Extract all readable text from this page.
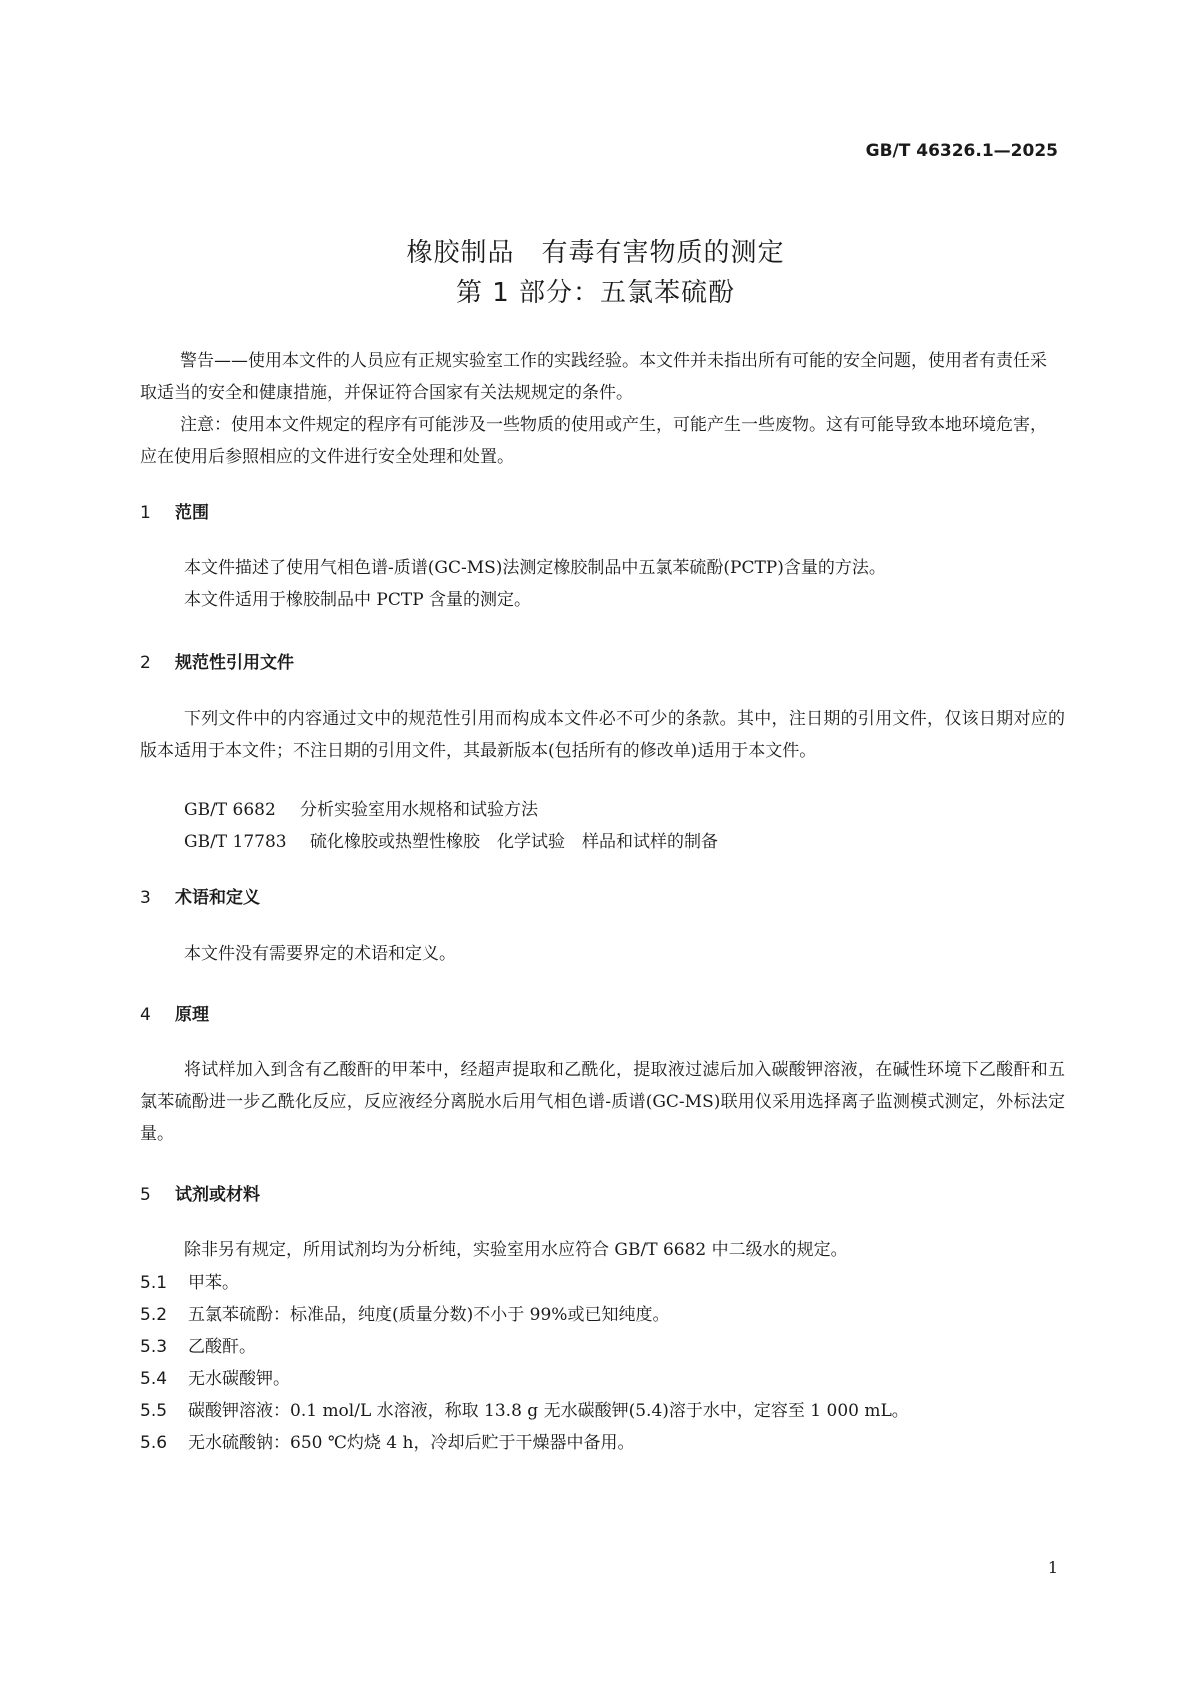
GB/T 46326.1—2025
橡胶制品　有毒有害物质的测定
第 1 部分：五氯苯硫酚

警告——使用本文件的人员应有正规实验室工作的实践经验。本文件并未指出所有可能的安全问题，使用者有责任采取适当的安全和健康措施，并保证符合国家有关法规规定的条件。

注意：使用本文件规定的程序有可能涉及一些物质的使用或产生，可能产生一些废物。这有可能导致本地环境危害，应在使用后参照相应的文件进行安全处理和处置。

1 范围

本文件描述了使用气相色谱-质谱(GC-MS)法测定橡胶制品中五氯苯硫酚(PCTP)含量的方法。

本文件适用于橡胶制品中 PCTP 含量的测定。

2 规范性引用文件

下列文件中的内容通过文中的规范性引用而构成本文件必不可少的条款。其中，注日期的引用文件，仅该日期对应的版本适用于本文件；不注日期的引用文件，其最新版本(包括所有的修改单)适用于本文件。

GB/T 6682 分析实验室用水规格和试验方法
GB/T 17783 硫化橡胶或热塑性橡胶　化学试验　样品和试样的制备
3 术语和定义

本文件没有需要界定的术语和定义。

4 原理

将试样加入到含有乙酸酐的甲苯中，经超声提取和乙酰化，提取液过滤后加入碳酸钾溶液，在碱性环境下乙酸酐和五氯苯硫酚进一步乙酰化反应，反应液经分离脱水后用气相色谱-质谱(GC-MS)联用仪采用选择离子监测模式测定，外标法定量。

5 试剂或材料

除非另有规定，所用试剂均为分析纯，实验室用水应符合 GB/T 6682 中二级水的规定。

5.1 甲苯。
5.2 五氯苯硫酚：标准品，纯度(质量分数)不小于 99%或已知纯度。
5.3 乙酸酐。
5.4 无水碳酸钾。
5.5 碳酸钾溶液：0.1 mol/L 水溶液，称取 13.8 g 无水碳酸钾(5.4)溶于水中，定容至 1 000 mL。
5.6 无水硫酸钠：650 ℃灼烧 4 h，冷却后贮于干燥器中备用。
1
